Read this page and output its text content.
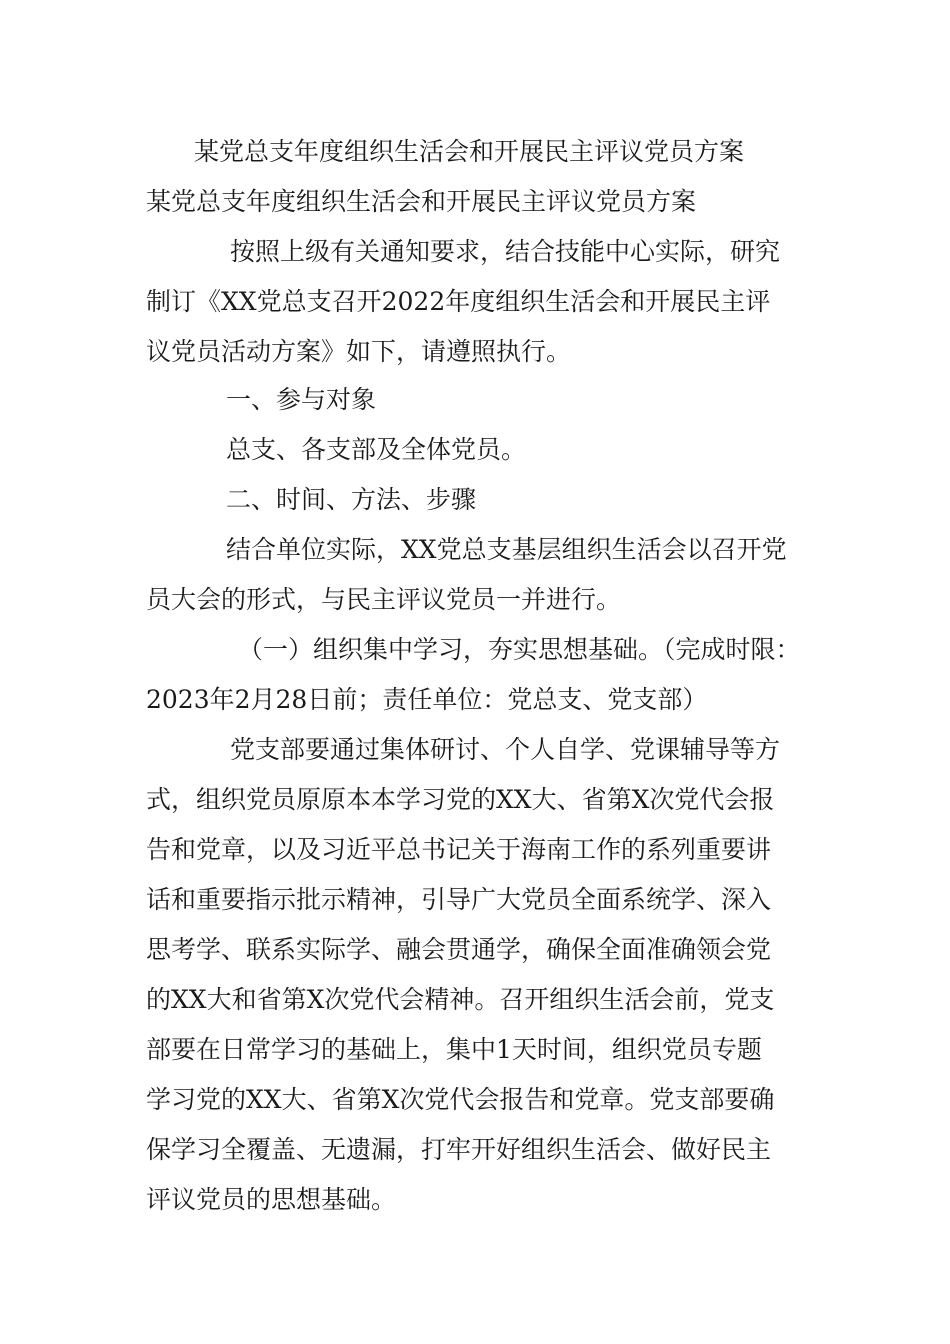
某党总支年度组织生活会和开展民主评议党员方案
某党总支年度组织生活会和开展民主评议党员方案
按照上级有关通知要求，结合技能中心实际，研究
制订《XX党总支召开2022年度组织生活会和开展民主评
议党员活动方案》如下，请遵照执行。
一、参与对象
总支、各支部及全体党员。
二、时间、方法、步骤
结合单位实际，XX党总支基层组织生活会以召开党
员大会的形式，与民主评议党员一并进行。
（一）组织集中学习，夯实思想基础。（完成时限：
2023年2月28日前；责任单位：党总支、党支部）
党支部要通过集体研讨、个人自学、党课辅导等方
式，组织党员原原本本学习党的XX大、省第X次党代会报
告和党章，以及习近平总书记关于海南工作的系列重要讲
话和重要指示批示精神，引导广大党员全面系统学、深入
思考学、联系实际学、融会贯通学，确保全面准确领会党
的XX大和省第X次党代会精神。召开组织生活会前，党支
部要在日常学习的基础上，集中1天时间，组织党员专题
学习党的XX大、省第X次党代会报告和党章。党支部要确
保学习全覆盖、无遗漏，打牢开好组织生活会、做好民主
评议党员的思想基础。
